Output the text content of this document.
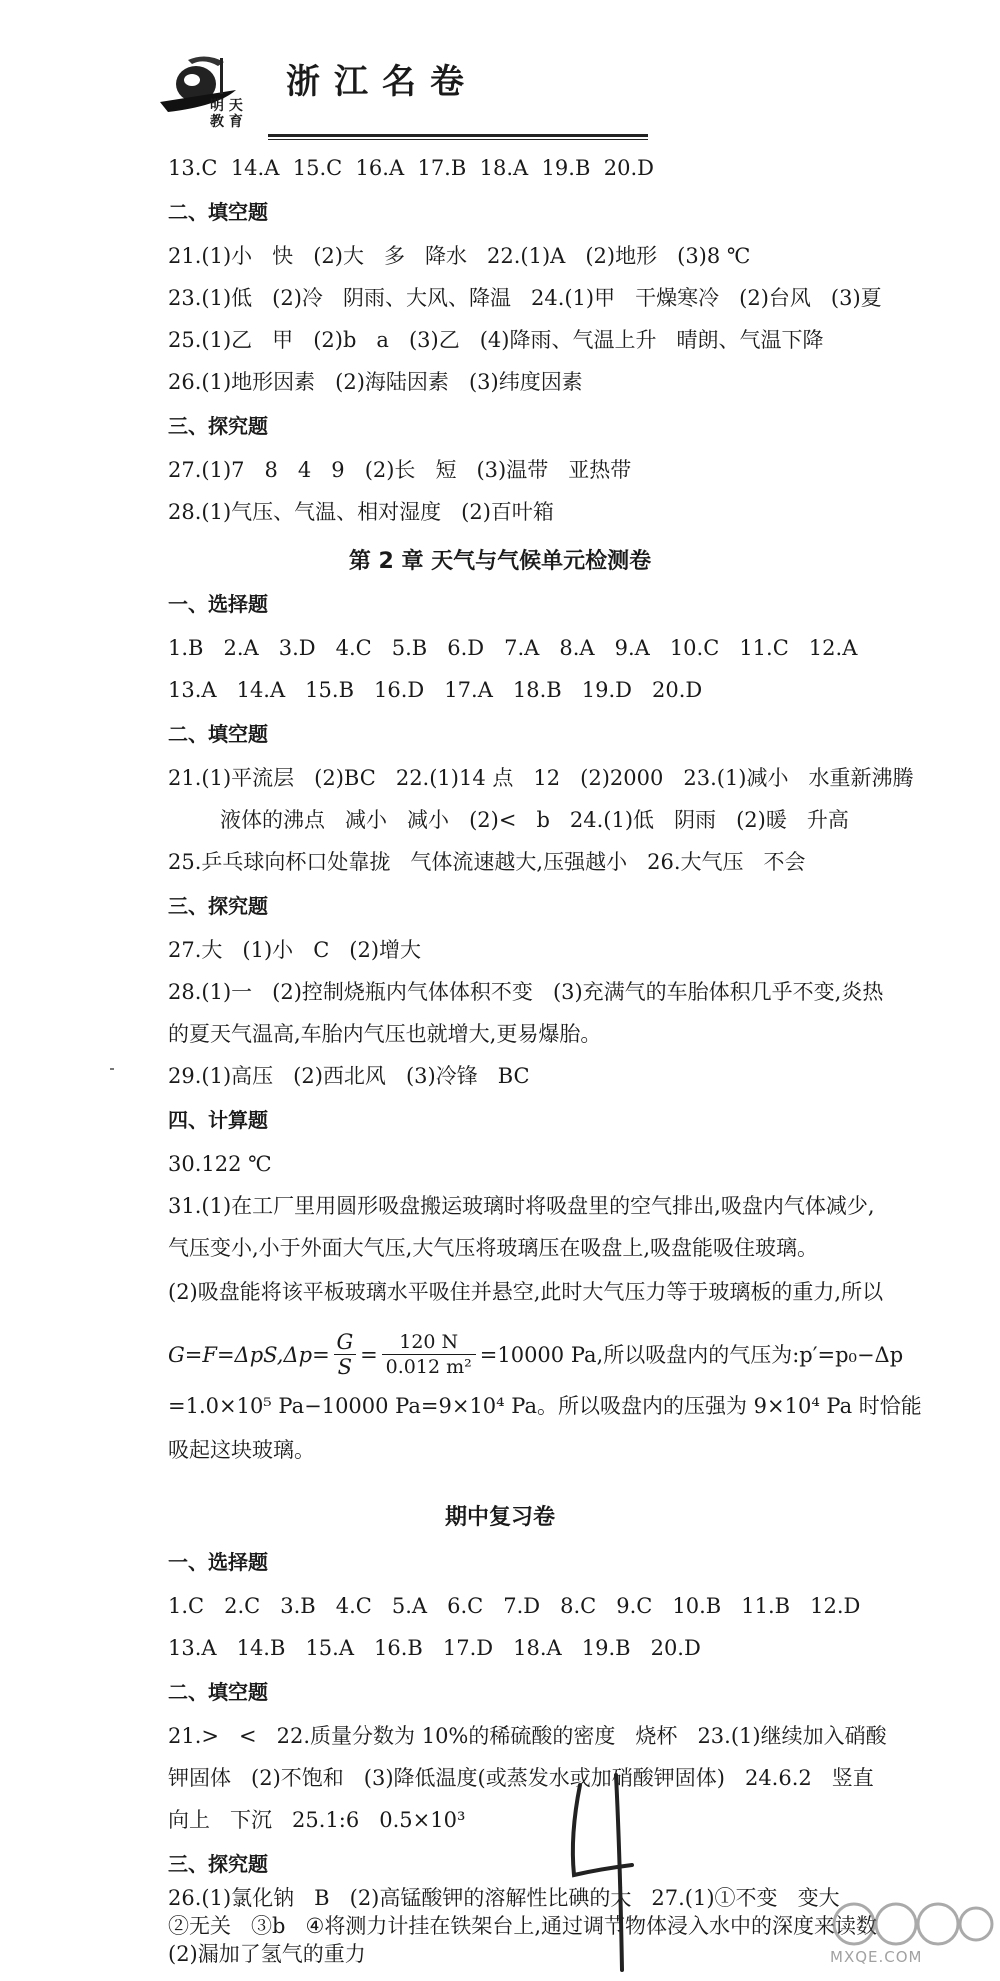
明 天
教 育
浙江名卷
13.C  14.A  15.C  16.A  17.B  18.A  19.B  20.D
二、填空题
21.(1)小   快   (2)大   多   降水   22.(1)A   (2)地形   (3)8 ℃
23.(1)低   (2)冷   阴雨、大风、降温   24.(1)甲   干燥寒冷   (2)台风   (3)夏
25.(1)乙   甲   (2)b   a   (3)乙   (4)降雨、气温上升   晴朗、气温下降
26.(1)地形因素   (2)海陆因素   (3)纬度因素
三、探究题
27.(1)7   8   4   9   (2)长   短   (3)温带   亚热带
28.(1)气压、气温、相对湿度   (2)百叶箱
第 2 章 天气与气候单元检测卷
一、选择题
1.B   2.A   3.D   4.C   5.B   6.D   7.A   8.A   9.A   10.C   11.C   12.A
13.A   14.A   15.B   16.D   17.A   18.B   19.D   20.D
二、填空题
21.(1)平流层   (2)BC   22.(1)14 点   12   (2)2000   23.(1)减小   水重新沸腾
液体的沸点   减小   减小   (2)<   b   24.(1)低   阴雨   (2)暖   升高
25.乒乓球向杯口处靠拢   气体流速越大,压强越小   26.大气压   不会
三、探究题
27.大   (1)小   C   (2)增大
28.(1)一   (2)控制烧瓶内气体体积不变   (3)充满气的车胎体积几乎不变,炎热
的夏天气温高,车胎内气压也就增大,更易爆胎。
29.(1)高压   (2)西北风   (3)冷锋   BC
四、计算题
30.122 ℃
31.(1)在工厂里用圆形吸盘搬运玻璃时将吸盘里的空气排出,吸盘内气体减少,
气压变小,小于外面大气压,大气压将玻璃压在吸盘上,吸盘能吸住玻璃。
(2)吸盘能将该平板玻璃水平吸住并悬空,此时大气压力等于玻璃板的重力,所以
$G=F=\Delta pS,\Delta p= \frac{G}{S} = \frac{120 N}{\text{0.012 m²}} =10000$ Pa,所以吸盘内的气压为:p′=p₀−Δp
=1.0×10⁵ Pa−10000 Pa=9×10⁴ Pa。所以吸盘内的压强为 9×10⁴ Pa 时恰能
吸起这块玻璃。
期中复习卷
一、选择题
1.C   2.C   3.B   4.C   5.A   6.C   7.D   8.C   9.C   10.B   11.B   12.D
13.A   14.B   15.A   16.B   17.D   18.A   19.B   20.D
二、填空题
21.>   <   22.质量分数为 10%的稀硫酸的密度   烧杯   23.(1)继续加入硝酸
钾固体   (2)不饱和   (3)降低温度(或蒸发水或加硝酸钾固体)   24.6.2   竖直
向上   下沉   25.1:6   0.5×10³
三、探究题
26.(1)氯化钠   B   (2)高锰酸钾的溶解性比碘的大   27.(1)①不变   变大
②无关   ③b   ④将测力计挂在铁架台上,通过调节物体浸入水中的深度来读数
MXQE.COM
(2)漏加了氢气的重力
